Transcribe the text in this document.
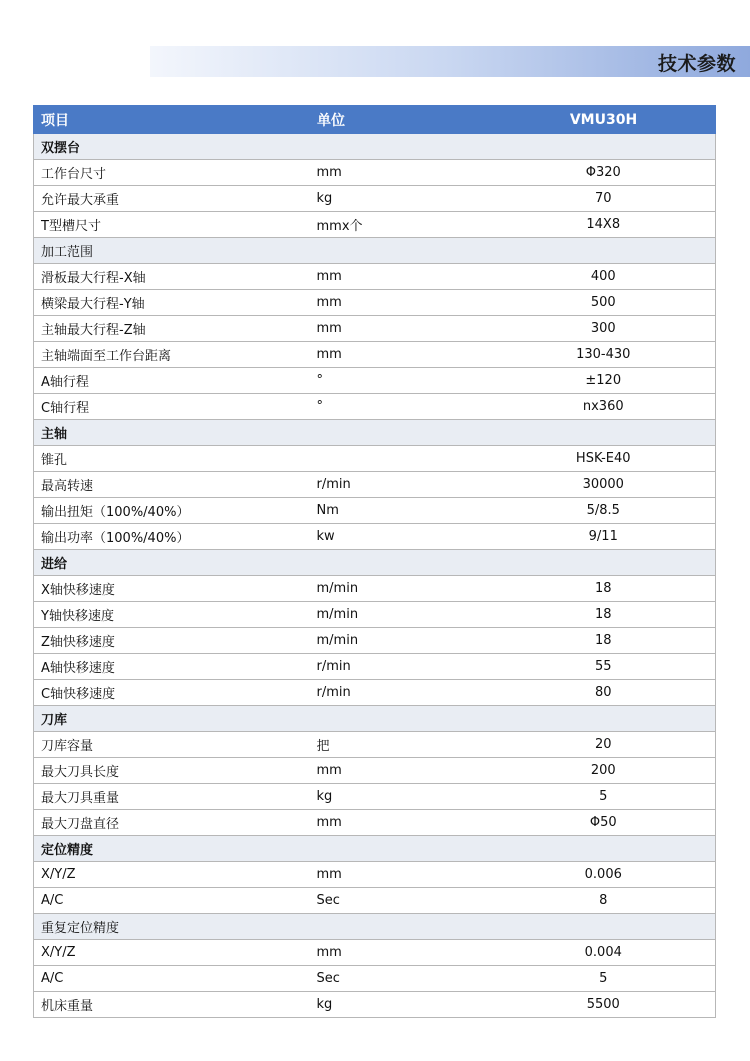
技术参数
项目	单位	VMU30H
双摆台		
工作台尺寸	mm	Φ320
允许最大承重	kg	70
T型槽尺寸	mmx个	14X8
加工范围		
滑板最大行程-X轴	mm	400
横梁最大行程-Y轴	mm	500
主轴最大行程-Z轴	mm	300
主轴端面至工作台距离	mm	130-430
A轴行程	°	±120
C轴行程	°	nx360
主轴		
锥孔		HSK-E40
最高转速	r/min	30000
输出扭矩（100%/40%）	Nm	5/8.5
输出功率（100%/40%）	kw	9/11
进给		
X轴快移速度	m/min	18
Y轴快移速度	m/min	18
Z轴快移速度	m/min	18
A轴快移速度	r/min	55
C轴快移速度	r/min	80
刀库		
刀库容量	把	20
最大刀具长度	mm	200
最大刀具重量	kg	5
最大刀盘直径	mm	Φ50
定位精度		
X/Y/Z	mm	0.006
A/C	Sec	8
重复定位精度		
X/Y/Z	mm	0.004
A/C	Sec	5
机床重量	kg	5500
